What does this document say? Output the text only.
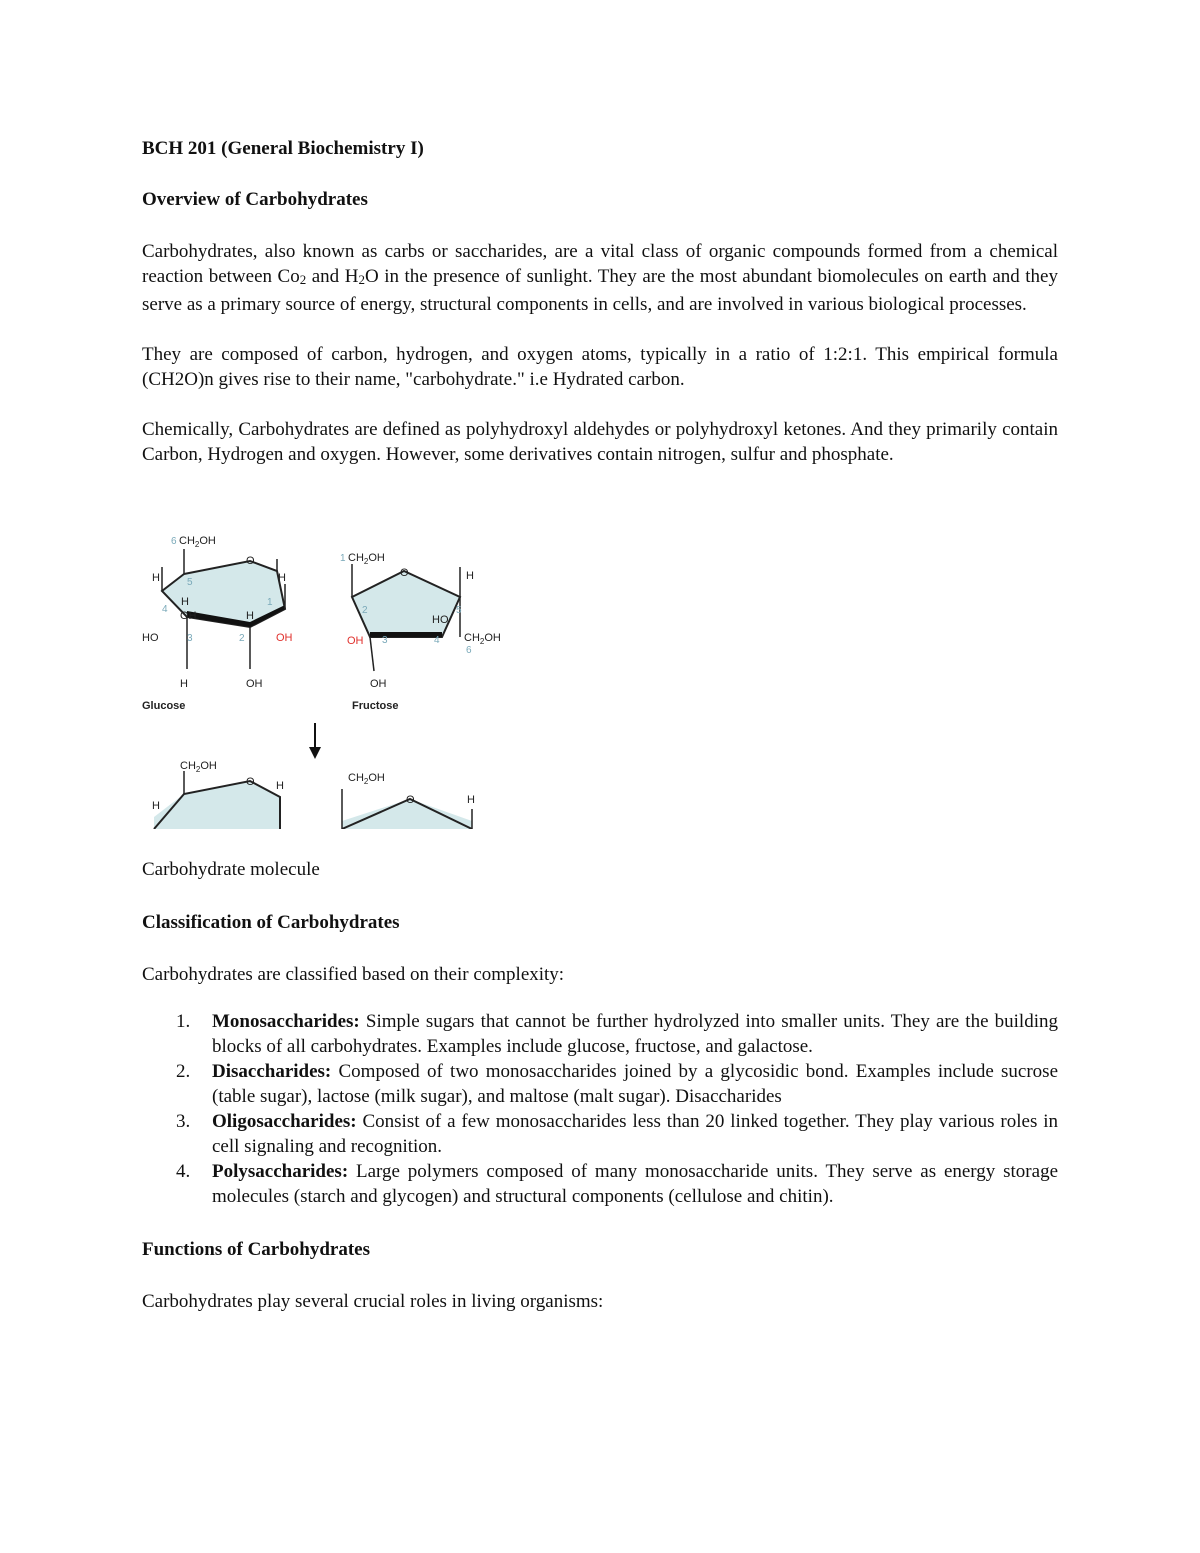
BCH 201 (General Biochemistry I)

Overview of Carbohydrates

Carbohydrates, also known as carbs or saccharides, are a vital class of organic compounds formed from a chemical reaction between $Co_2$ and $H_2O$ in the presence of sunlight. They are the most abundant biomolecules on earth and they serve as a primary source of energy, structural components in cells, and are involved in various biological processes.

They are composed of carbon, hydrogen, and oxygen atoms, typically in a ratio of 1:2:1. This empirical formula (CH2O)n gives rise to their name, "carbohydrate." i.e Hydrated carbon.

Chemically, Carbohydrates are defined as polyhydroxyl aldehydes or polyhydroxyl ketones. And they primarily contain Carbon, Hydrogen and oxygen. However, some derivatives contain nitrogen, sulfur and phosphate.

6 $CH_2OH$
O
H
H	5
H
OH
4
H
1
HO	3	2	OH
H	OH
Glucose
1 $CH_2OH$
O	H
2
HO
5
OH 3	4 $CH_2OH$
6
OH
Fructose
$CH_2OH$
O H
H
$CH_2OH$
O	H

Carbohydrate molecule

Classification of Carbohydrates

Carbohydrates are classified based on their complexity:

1. Monosaccharides: Simple sugars that cannot be further hydrolyzed into smaller units. They are the building blocks of all carbohydrates. Examples include glucose, fructose, and galactose.
2. Disaccharides: Composed of two monosaccharides joined by a glycosidic bond. Examples include sucrose (table sugar), lactose (milk sugar), and maltose (malt sugar). Disaccharides
3. Oligosaccharides: Consist of a few monosaccharides less than 20 linked together. They play various roles in cell signaling and recognition.
4. Polysaccharides: Large polymers composed of many monosaccharide units. They serve as energy storage molecules (starch and glycogen) and structural components (cellulose and chitin).

Functions of Carbohydrates

Carbohydrates play several crucial roles in living organisms:
